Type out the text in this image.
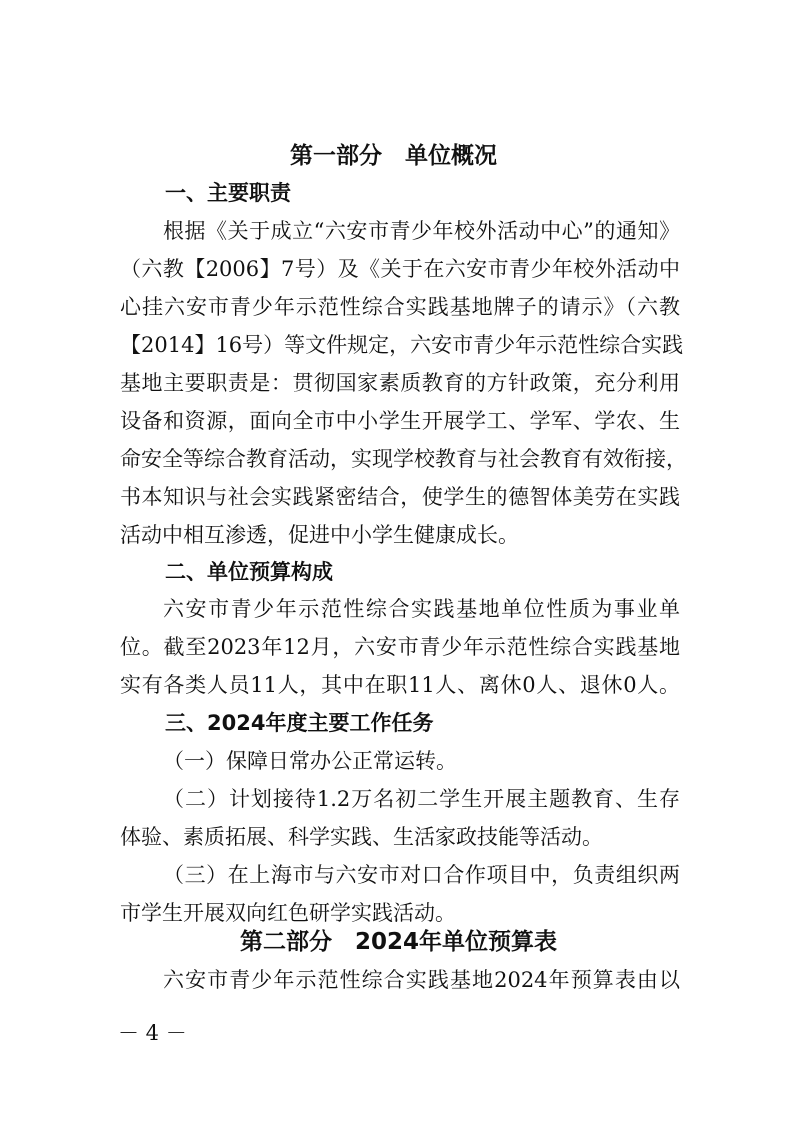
第一部分　单位概况
一、主要职责
根据《关于成立“六安市青少年校外活动中心”的通知》
（六教【2006】7号）及《关于在六安市青少年校外活动中
心挂六安市青少年示范性综合实践基地牌子的请示》（六教
【2014】16号）等文件规定，六安市青少年示范性综合实践
基地主要职责是：贯彻国家素质教育的方针政策，充分利用
设备和资源，面向全市中小学生开展学工、学军、学农、生
命安全等综合教育活动，实现学校教育与社会教育有效衔接，
书本知识与社会实践紧密结合，使学生的德智体美劳在实践
活动中相互渗透，促进中小学生健康成长。
二、单位预算构成
六安市青少年示范性综合实践基地单位性质为事业单
位。截至2023年12月，六安市青少年示范性综合实践基地
实有各类人员11人，其中在职11人、离休0人、退休0人。
三、2024年度主要工作任务
（一）保障日常办公正常运转。
（二）计划接待1.2万名初二学生开展主题教育、生存
体验、素质拓展、科学实践、生活家政技能等活动。
（三）在上海市与六安市对口合作项目中，负责组织两
市学生开展双向红色研学实践活动。
第二部分　2024年单位预算表
六安市青少年示范性综合实践基地2024年预算表由以
－ 4 －
